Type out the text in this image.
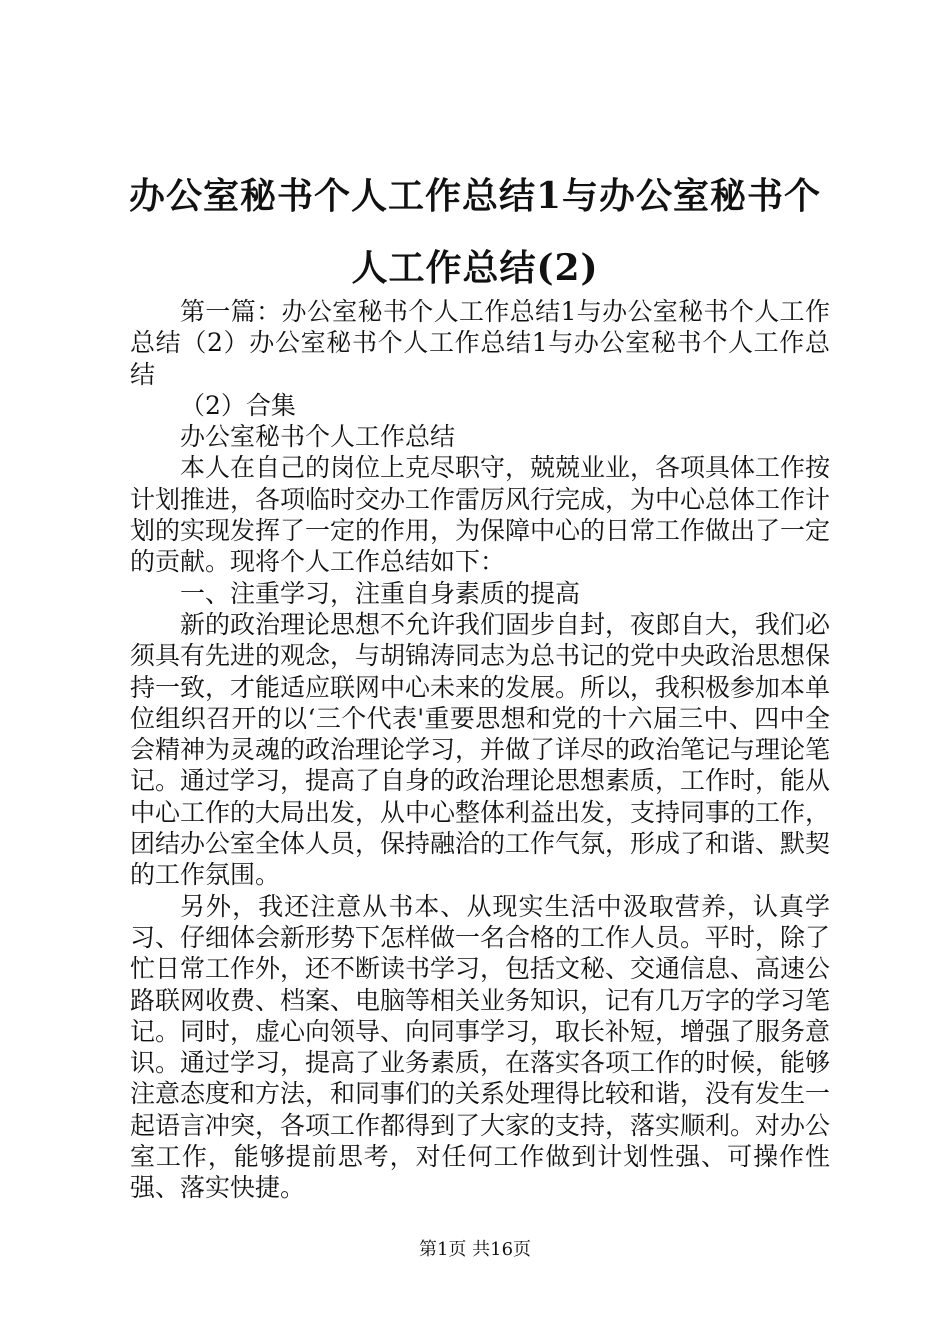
办公室秘书个人工作总结1与办公室秘书个人工作总结(2)

第一篇：办公室秘书个人工作总结1与办公室秘书个人工作总结（2）办公室秘书个人工作总结1与办公室秘书个人工作总结

（2）合集

办公室秘书个人工作总结

本人在自己的岗位上克尽职守，兢兢业业，各项具体工作按计划推进，各项临时交办工作雷厉风行完成，为中心总体工作计划的实现发挥了一定的作用，为保障中心的日常工作做出了一定的贡献。现将个人工作总结如下：

一、注重学习，注重自身素质的提高

新的政治理论思想不允许我们固步自封，夜郎自大，我们必须具有先进的观念，与胡锦涛同志为总书记的党中央政治思想保持一致，才能适应联网中心未来的发展。所以，我积极参加本单位组织召开的以‘三个代表'重要思想和党的十六届三中、四中全会精神为灵魂的政治理论学习，并做了详尽的政治笔记与理论笔记。通过学习，提高了自身的政治理论思想素质，工作时，能从中心工作的大局出发，从中心整体利益出发，支持同事的工作，团结办公室全体人员，保持融洽的工作气氛，形成了和谐、默契的工作氛围。

另外，我还注意从书本、从现实生活中汲取营养，认真学习、仔细体会新形势下怎样做一名合格的工作人员。平时，除了忙日常工作外，还不断读书学习，包括文秘、交通信息、高速公路联网收费、档案、电脑等相关业务知识，记有几万字的学习笔记。同时，虚心向领导、向同事学习，取长补短，增强了服务意识。通过学习，提高了业务素质，在落实各项工作的时候，能够注意态度和方法，和同事们的关系处理得比较和谐，没有发生一起语言冲突，各项工作都得到了大家的支持，落实顺利。对办公室工作，能够提前思考，对任何工作做到计划性强、可操作性强、落实快捷。

第1页 共16页
